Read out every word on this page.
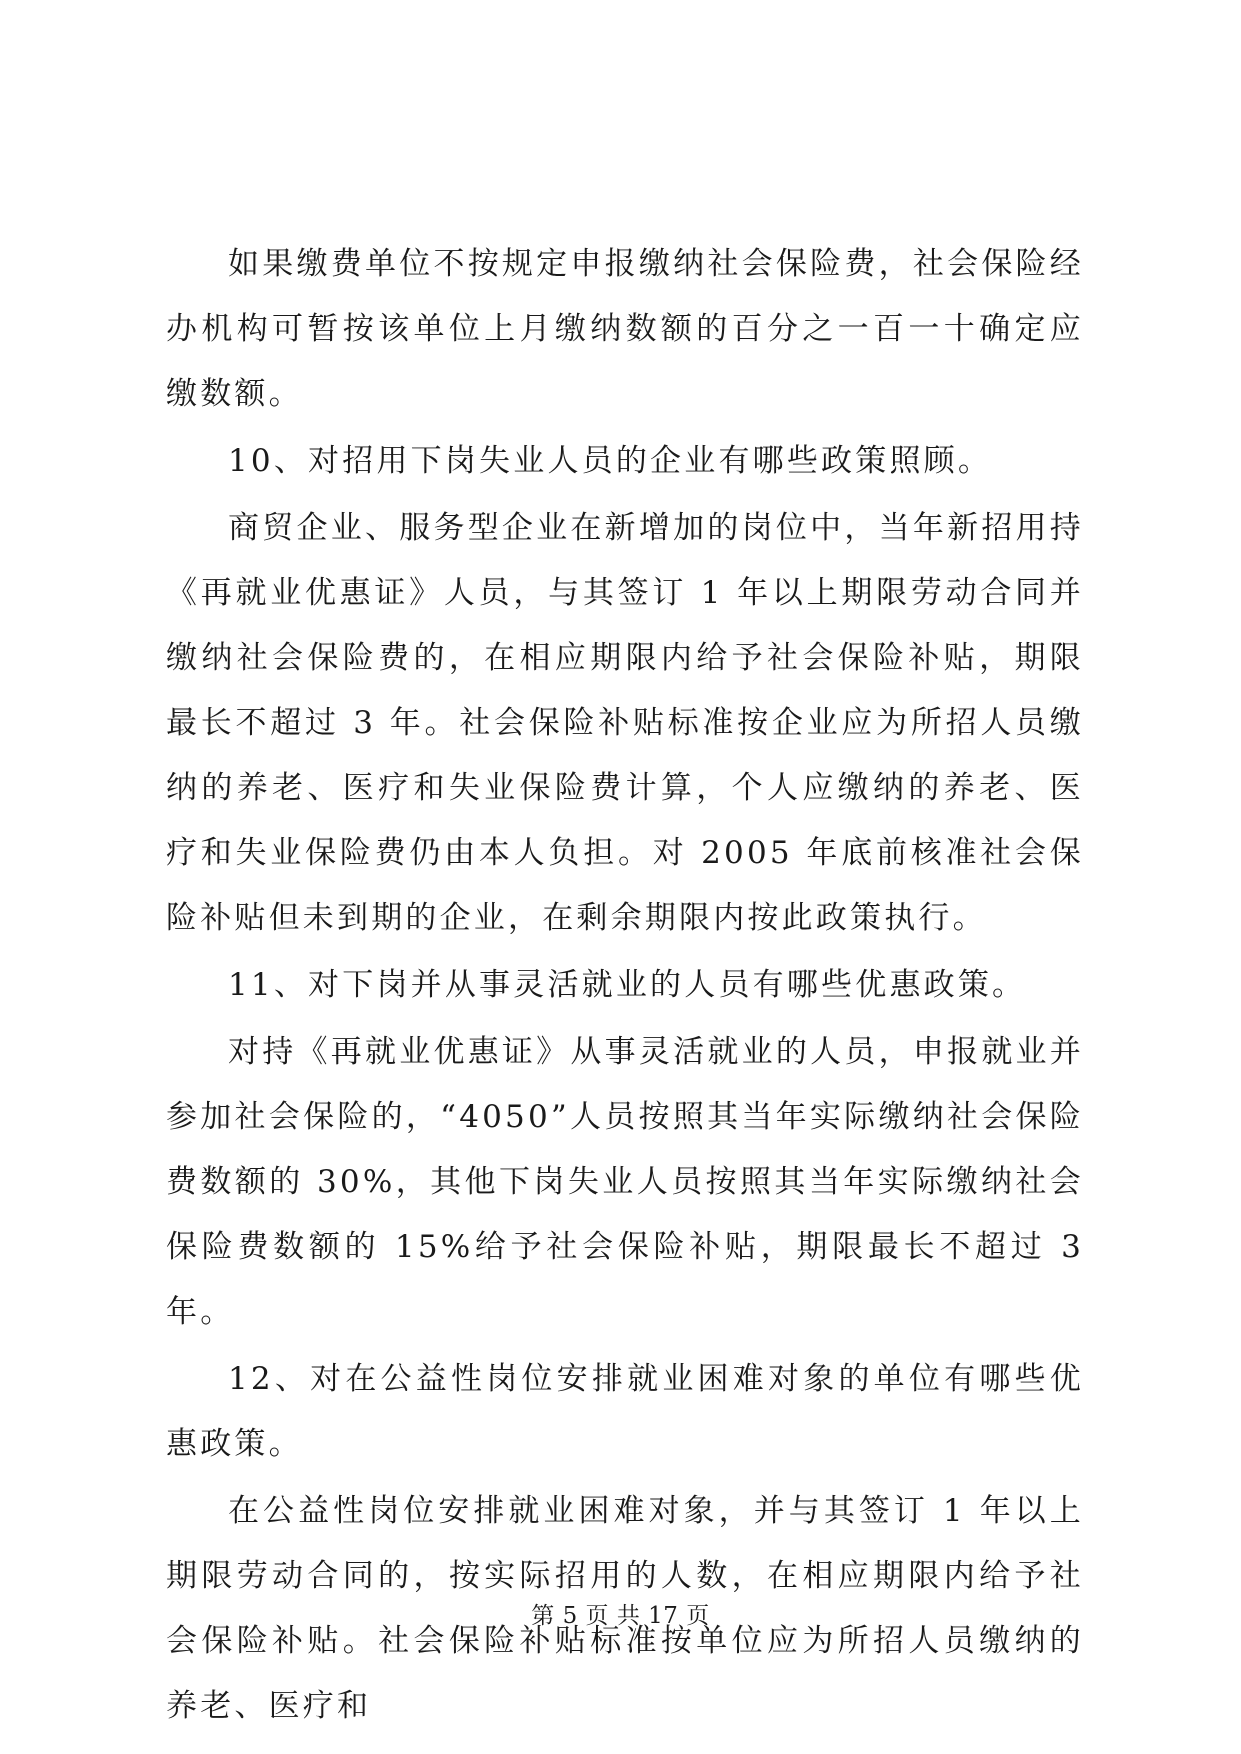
如果缴费单位不按规定申报缴纳社会保险费，社会保险经办机构可暂按该单位上月缴纳数额的百分之一百一十确定应缴数额。

10、对招用下岗失业人员的企业有哪些政策照顾。

商贸企业、服务型企业在新增加的岗位中，当年新招用持《再就业优惠证》人员，与其签订 1 年以上期限劳动合同并缴纳社会保险费的，在相应期限内给予社会保险补贴，期限最长不超过 3 年。社会保险补贴标准按企业应为所招人员缴纳的养老、医疗和失业保险费计算，个人应缴纳的养老、医疗和失业保险费仍由本人负担。对 2005 年底前核准社会保险补贴但未到期的企业，在剩余期限内按此政策执行。

11、对下岗并从事灵活就业的人员有哪些优惠政策。

对持《再就业优惠证》从事灵活就业的人员，申报就业并参加社会保险的，“4050”人员按照其当年实际缴纳社会保险费数额的 30%，其他下岗失业人员按照其当年实际缴纳社会保险费数额的 15%给予社会保险补贴，期限最长不超过 3 年。

12、对在公益性岗位安排就业困难对象的单位有哪些优惠政策。

在公益性岗位安排就业困难对象，并与其签订 1 年以上期限劳动合同的，按实际招用的人数，在相应期限内给予社会保险补贴。社会保险补贴标准按单位应为所招人员缴纳的养老、医疗和

第 5 页 共 17 页
